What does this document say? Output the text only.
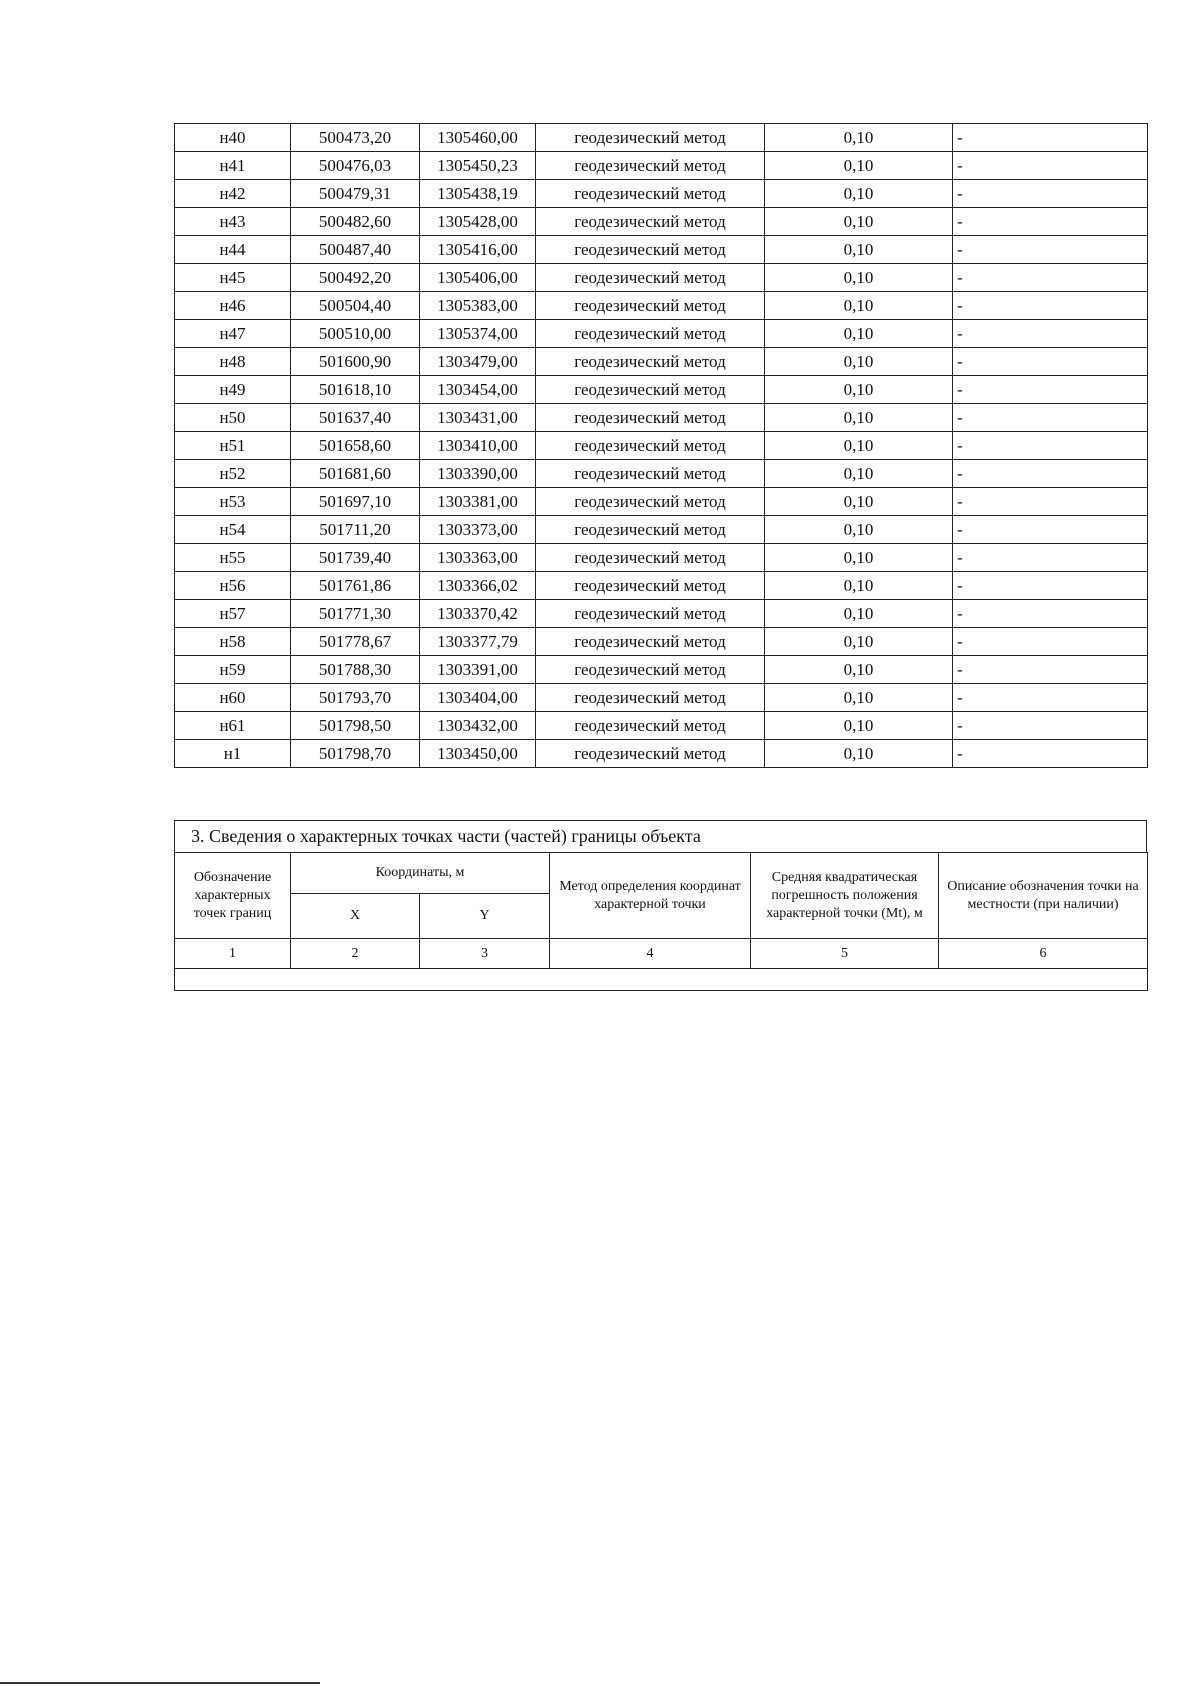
н40	500473,20	1305460,00	геодезический метод	0,10	-
н41	500476,03	1305450,23	геодезический метод	0,10	-
н42	500479,31	1305438,19	геодезический метод	0,10	-
н43	500482,60	1305428,00	геодезический метод	0,10	-
н44	500487,40	1305416,00	геодезический метод	0,10	-
н45	500492,20	1305406,00	геодезический метод	0,10	-
н46	500504,40	1305383,00	геодезический метод	0,10	-
н47	500510,00	1305374,00	геодезический метод	0,10	-
н48	501600,90	1303479,00	геодезический метод	0,10	-
н49	501618,10	1303454,00	геодезический метод	0,10	-
н50	501637,40	1303431,00	геодезический метод	0,10	-
н51	501658,60	1303410,00	геодезический метод	0,10	-
н52	501681,60	1303390,00	геодезический метод	0,10	-
н53	501697,10	1303381,00	геодезический метод	0,10	-
н54	501711,20	1303373,00	геодезический метод	0,10	-
н55	501739,40	1303363,00	геодезический метод	0,10	-
н56	501761,86	1303366,02	геодезический метод	0,10	-
н57	501771,30	1303370,42	геодезический метод	0,10	-
н58	501778,67	1303377,79	геодезический метод	0,10	-
н59	501788,30	1303391,00	геодезический метод	0,10	-
н60	501793,70	1303404,00	геодезический метод	0,10	-
н61	501798,50	1303432,00	геодезический метод	0,10	-
н1	501798,70	1303450,00	геодезический метод	0,10	-
3. Сведения о характерных точках части (частей) границы объекта
Обозначение характерных точек границ	Координаты, м		Метод определения координат характерной точки	Средняя квадратическая погрешность положения характерной точки (Mt), м	Описание обозначения точки на местности (при наличии)
	X	Y			
1	2	3	4	5	6
